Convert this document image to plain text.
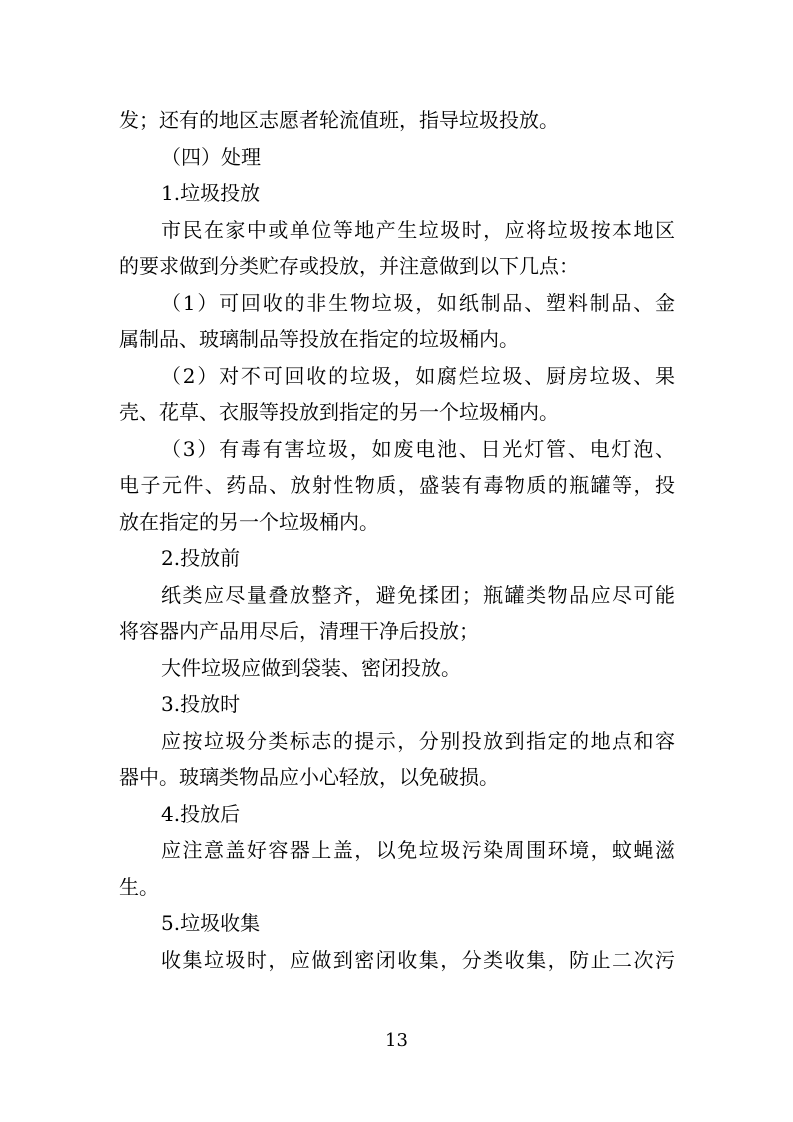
发；还有的地区志愿者轮流值班，指导垃圾投放。
（四）处理
1.垃圾投放
市民在家中或单位等地产生垃圾时，应将垃圾按本地区
的要求做到分类贮存或投放，并注意做到以下几点：
（1）可回收的非生物垃圾，如纸制品、塑料制品、金
属制品、玻璃制品等投放在指定的垃圾桶内。
（2）对不可回收的垃圾，如腐烂垃圾、厨房垃圾、果
壳、花草、衣服等投放到指定的另一个垃圾桶内。
（3）有毒有害垃圾，如废电池、日光灯管、电灯泡、
电子元件、药品、放射性物质，盛装有毒物质的瓶罐等，投
放在指定的另一个垃圾桶内。
2.投放前
纸类应尽量叠放整齐，避免揉团；瓶罐类物品应尽可能
将容器内产品用尽后，清理干净后投放；
大件垃圾应做到袋装、密闭投放。
3.投放时
应按垃圾分类标志的提示，分别投放到指定的地点和容
器中。玻璃类物品应小心轻放，以免破损。
4.投放后
应注意盖好容器上盖，以免垃圾污染周围环境，蚊蝇滋
生。
5.垃圾收集
收集垃圾时，应做到密闭收集，分类收集，防止二次污
13
